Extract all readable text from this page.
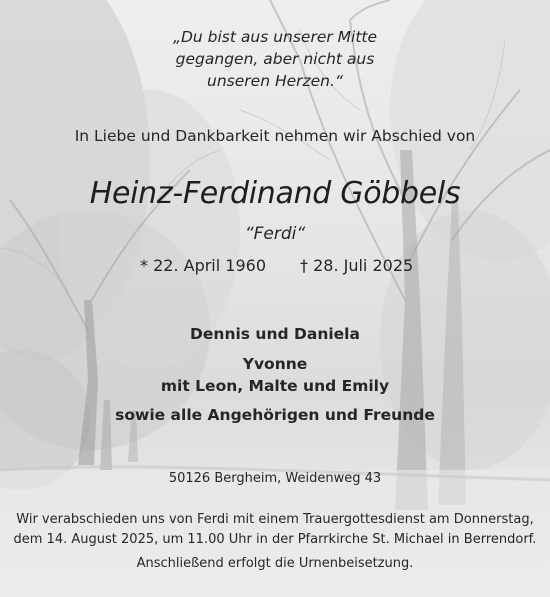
„Du bist aus unserer Mitte
gegangen, aber nicht aus
unseren Herzen.“
In Liebe und Dankbarkeit nehmen wir Abschied von
Heinz-Ferdinand Göbbels
“Ferdi“
* 22. April 1960 † 28. Juli 2025
Dennis und Daniela
Yvonne
mit Leon, Malte und Emily
sowie alle Angehörigen und Freunde
50126 Bergheim, Weidenweg 43
Wir verabschieden uns von Ferdi mit einem Trauergottesdienst am Donnerstag,
dem 14. August 2025, um 11.00 Uhr in der Pfarrkirche St. Michael in Berrendorf.
Anschließend erfolgt die Urnenbeisetzung.
